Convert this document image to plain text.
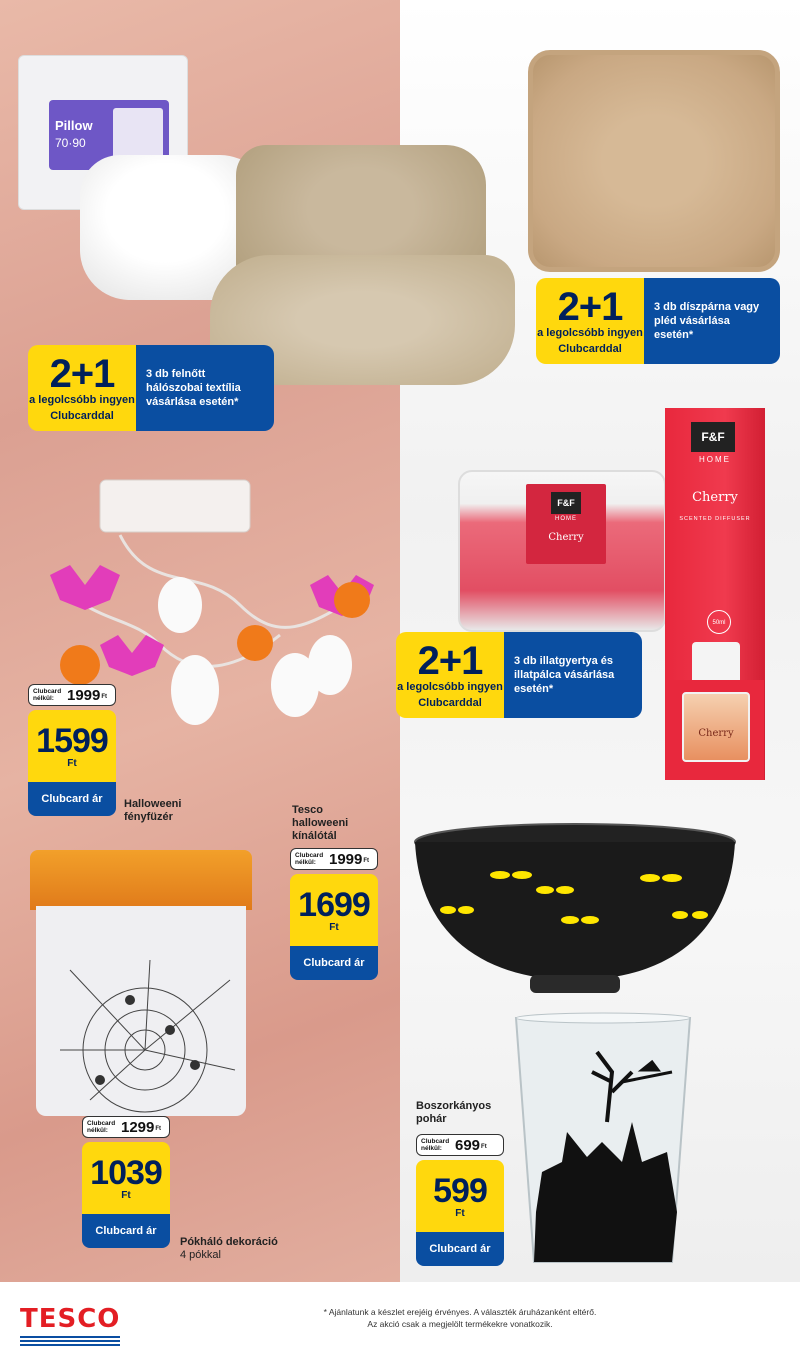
Pillow
70·90
2+1
a legolcsóbb ingyen
Clubcarddal
3 db felnőtt hálószobai textília vásárlása esetén*
2+1
a legolcsóbb ingyen
Clubcarddal
3 db díszpárna vagy pléd vásárlása esetén*
F&F
HOME
Cherry
F&F
HOME
Cherry
SCENTED DIFFUSER
50ml
Cherry
2+1
a legolcsóbb ingyen
Clubcarddal
3 db illatgyertya és illatpálca vásárlása esetén*
Clubcard nélkül: 1999 Ft
1599
Ft
Clubcard ár	Halloweeni fényfüzér
Tesco halloweeni kínálótál
Clubcard nélkül: 1999 Ft
1699
Ft
Clubcard ár
Clubcard nélkül: 1299 Ft
1039
Ft
Clubcard ár
Pókháló dekoráció
4 pókkal
Boszorkányos pohár
Clubcard nélkül: 699 Ft
599
Ft
Clubcard ár
TESCO	* Ajánlatunk a készlet erejéig érvényes. A választék áruházanként eltérő.
Az akció csak a megjelölt termékekre vonatkozik.
